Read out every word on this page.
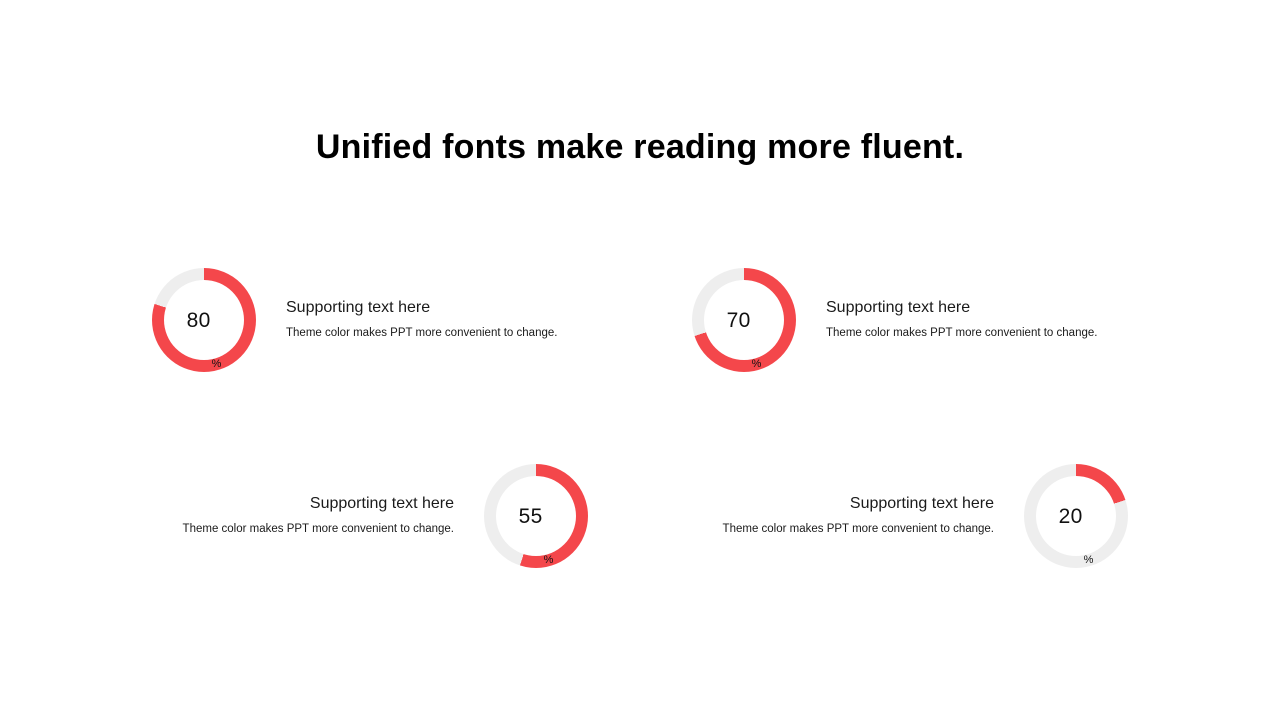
Unified fonts make reading more fluent.
80
%
Supporting text here
Theme color makes PPT more convenient to change.
70
%
Supporting text here
Theme color makes PPT more convenient to change.
55
%
Supporting text here
Theme color makes PPT more convenient to change.
20
%
Supporting text here
Theme color makes PPT more convenient to change.
